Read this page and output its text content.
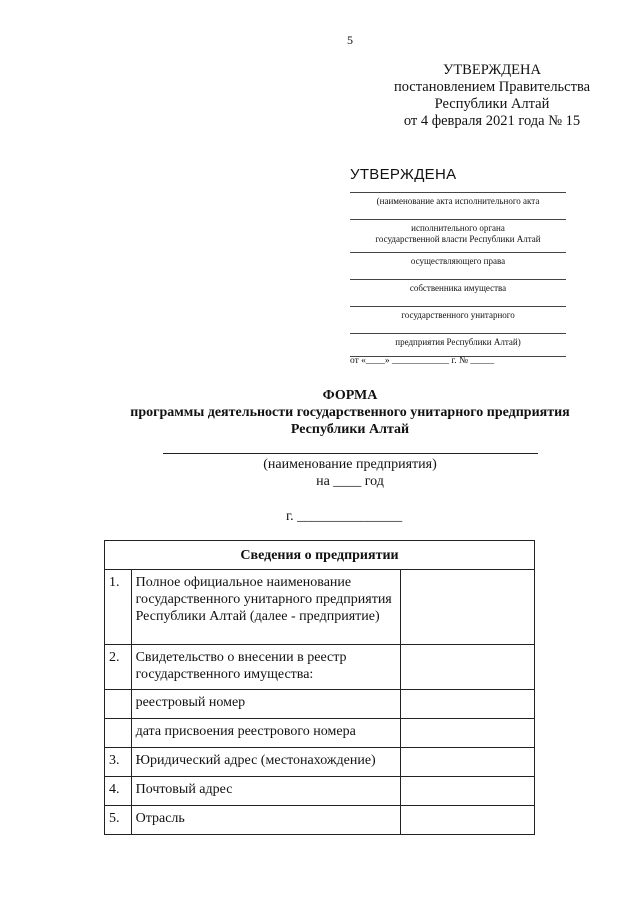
5
УТВЕРЖДЕНА
постановлением Правительства
Республики Алтай
от 4 февраля 2021 года № 15
УТВЕРЖДЕНА
(наименование акта исполнительного акта
исполнительного органа
государственной власти Республики Алтай
осуществляющего права
собственника имущества
государственного унитарного
предприятия Республики Алтай)
от «____» ____________ г. № _____
ФОРМА
программы деятельности государственного унитарного предприятия
Республики Алтай
(наименование предприятия)
на ____ год
г. _______________
Сведения о предприятии		
1.	Полное официальное наименование государственного унитарного предприятия Республики Алтай (далее - предприятие)	
2.	Свидетельство о внесении в реестр государственного имущества:	
	реестровый номер	
	дата присвоения реестрового номера	
3.	Юридический адрес (местонахождение)	
4.	Почтовый адрес	
5.	Отрасль	
